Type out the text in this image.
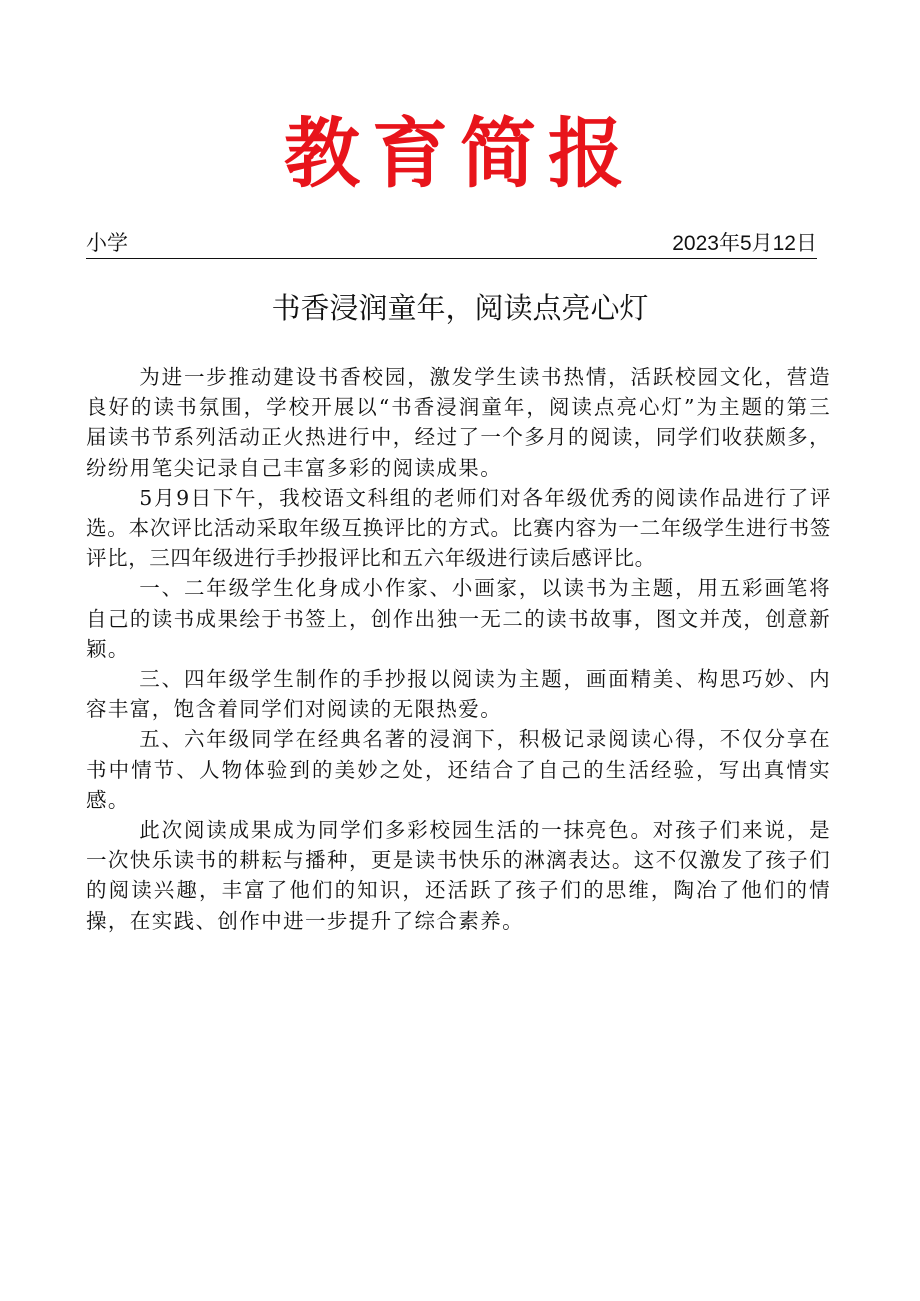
教育简报
小学	2023年5月12日
书香浸润童年，阅读点亮心灯

为进一步推动建设书香校园，激发学生读书热情，活跃校园文化，营造良好的读书氛围，学校开展以“书香浸润童年，阅读点亮心灯”为主题的第三届读书节系列活动正火热进行中，经过了一个多月的阅读，同学们收获颇多，纷纷用笔尖记录自己丰富多彩的阅读成果。

5月9日下午，我校语文科组的老师们对各年级优秀的阅读作品进行了评选。本次评比活动采取年级互换评比的方式。比赛内容为一二年级学生进行书签评比，三四年级进行手抄报评比和五六年级进行读后感评比。

一、二年级学生化身成小作家、小画家，以读书为主题，用五彩画笔将自己的读书成果绘于书签上，创作出独一无二的读书故事，图文并茂，创意新颖。

三、四年级学生制作的手抄报以阅读为主题，画面精美、构思巧妙、内容丰富，饱含着同学们对阅读的无限热爱。

五、六年级同学在经典名著的浸润下，积极记录阅读心得，不仅分享在书中情节、人物体验到的美妙之处，还结合了自己的生活经验，写出真情实感。

此次阅读成果成为同学们多彩校园生活的一抹亮色。对孩子们来说，是一次快乐读书的耕耘与播种，更是读书快乐的淋漓表达。这不仅激发了孩子们的阅读兴趣，丰富了他们的知识，还活跃了孩子们的思维，陶冶了他们的情操，在实践、创作中进一步提升了综合素养。
